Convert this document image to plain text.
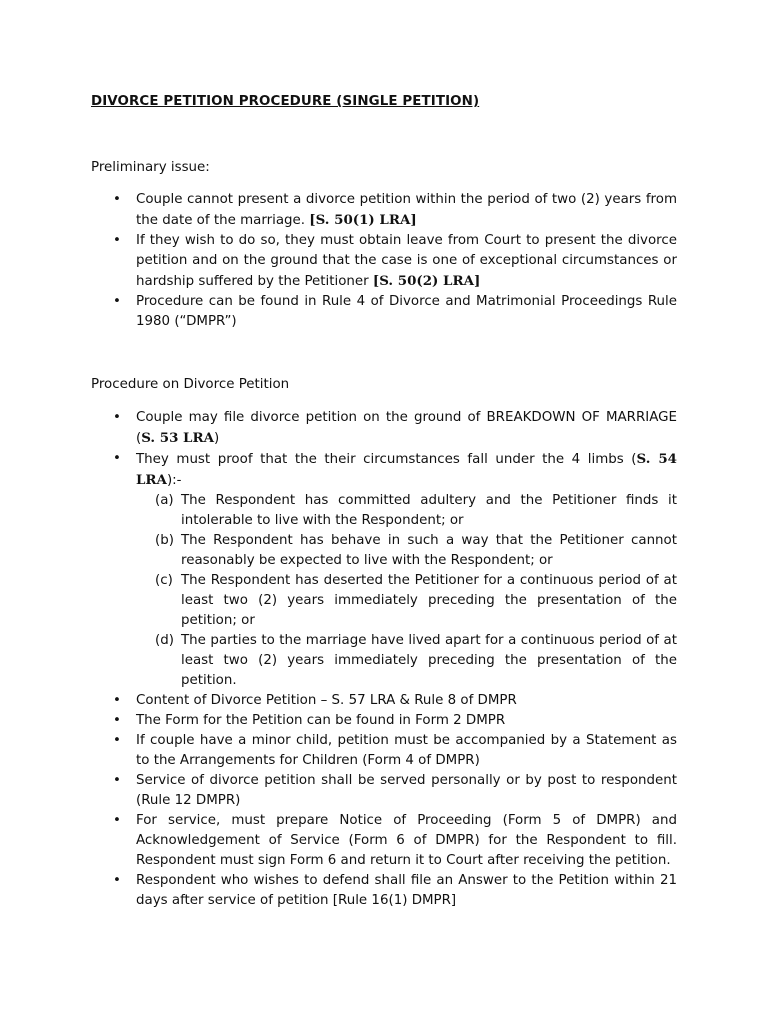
DIVORCE PETITION PROCEDURE (SINGLE PETITION)
Preliminary issue:
• Couple cannot present a divorce petition within the period of two (2) years from the date of the marriage. [S. 50(1) LRA]
• If they wish to do so, they must obtain leave from Court to present the divorce petition and on the ground that the case is one of exceptional circumstances or hardship suffered by the Petitioner [S. 50(2) LRA]
• Procedure can be found in Rule 4 of Divorce and Matrimonial Proceedings Rule 1980 (“DMPR”)
Procedure on Divorce Petition
• Couple may file divorce petition on the ground of BREAKDOWN OF MARRIAGE (S. 53 LRA)
• They must proof that the their circumstances fall under the 4 limbs (S. 54 LRA):-
(a) The Respondent has committed adultery and the Petitioner finds it intolerable to live with the Respondent; or
(b) The Respondent has behave in such a way that the Petitioner cannot reasonably be expected to live with the Respondent; or
(c) The Respondent has deserted the Petitioner for a continuous period of at least two (2) years immediately preceding the presentation of the petition; or
(d) The parties to the marriage have lived apart for a continuous period of at least two (2) years immediately preceding the presentation of the petition.
• Content of Divorce Petition – S. 57 LRA & Rule 8 of DMPR
• The Form for the Petition can be found in Form 2 DMPR
• If couple have a minor child, petition must be accompanied by a Statement as to the Arrangements for Children (Form 4 of DMPR)
• Service of divorce petition shall be served personally or by post to respondent (Rule 12 DMPR)
• For service, must prepare Notice of Proceeding (Form 5 of DMPR) and Acknowledgement of Service (Form 6 of DMPR) for the Respondent to fill. Respondent must sign Form 6 and return it to Court after receiving the petition.
• Respondent who wishes to defend shall file an Answer to the Petition within 21 days after service of petition [Rule 16(1) DMPR]
